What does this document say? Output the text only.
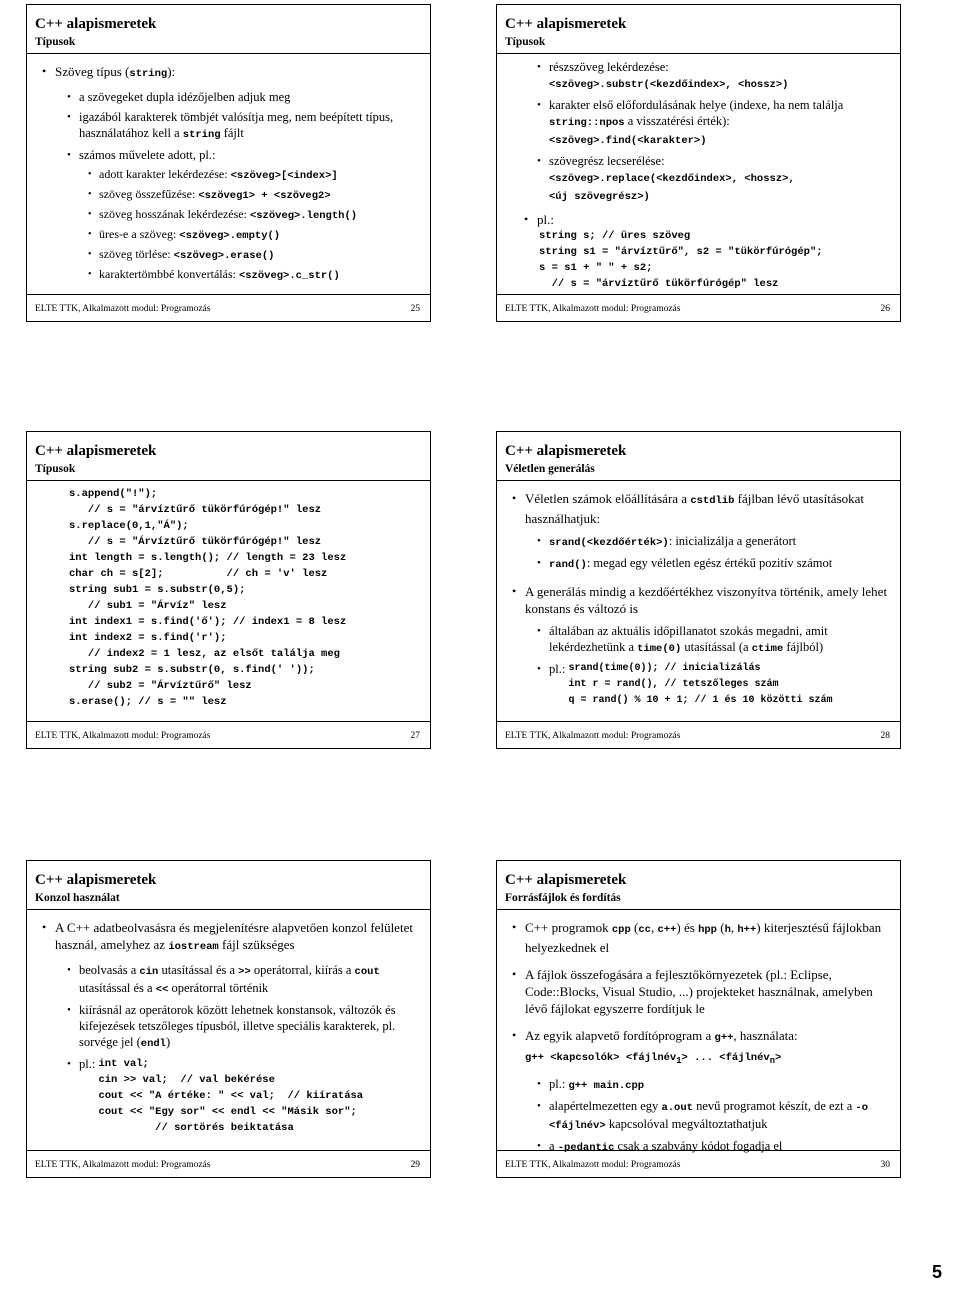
C++ alapismeretek
Típusok
• Szöveg típus (string):
• a szövegeket dupla idézőjelben adjuk meg
• igazából karakterek tömbjét valósítja meg, nem beépített típus, használatához kell a string fájlt
• számos művelete adott, pl.:
• adott karakter lekérdezése: <szöveg>[<index>]
• szöveg összefűzése: <szöveg1> + <szöveg2>
• szöveg hosszának lekérdezése: <szöveg>.length()
• üres-e a szöveg: <szöveg>.empty()
• szöveg törlése: <szöveg>.erase()
• karaktertömbbé konvertálás: <szöveg>.c_str()
ELTE TTK, Alkalmazott modul: Programozás	25
C++ alapismeretek
Típusok
• részszöveg lekérdezése:
<szöveg>.substr(<kezdőindex>, <hossz>)
• karakter első előfordulásának helye (indexe, ha nem találja string::npos a visszatérési érték):
<szöveg>.find(<karakter>)
• szövegrész lecserélése:
<szöveg>.replace(<kezdőindex>, <hossz>,
<új szövegrész>)
• pl.:
string s; // üres szöveg
string s1 = "árvíztűrő", s2 = "tükörfúrógép";
s = s1 + " " + s2;
// s = "árvíztűrő tükörfúrógép" lesz
ELTE TTK, Alkalmazott modul: Programozás	26
C++ alapismeretek
Típusok
s.append("!");
// s = "árvíztűrő tükörfúrógép!" lesz
s.replace(0,1,"Á");
// s = "Árvíztűrő tükörfúrógép!" lesz
int length = s.length(); // length = 23 lesz
char ch = s[2];          // ch = 'v' lesz
string sub1 = s.substr(0,5);
// sub1 = "Árvíz" lesz
int index1 = s.find('ő'); // index1 = 8 lesz
int index2 = s.find('r');
// index2 = 1 lesz, az elsőt találja meg
string sub2 = s.substr(0, s.find(' '));
// sub2 = "Árvíztűrő" lesz
s.erase(); // s = "" lesz
ELTE TTK, Alkalmazott modul: Programozás	27
C++ alapismeretek
Véletlen generálás
• Véletlen számok előállítására a cstdlib fájlban lévő utasításokat használhatjuk:
• srand(<kezdőérték>): inicializálja a generátort
• rand(): megad egy véletlen egész értékű pozitív számot
• A generálás mindig a kezdőértékhez viszonyítva történik, amely lehet konstans és változó is
• általában az aktuális időpillanatot szokás megadni, amit lekérdezhetünk a time(0) utasítással (a ctime fájlból)
• pl.: srand(time(0)); // inicializálás
int r = rand(), // tetszőleges szám
q = rand() % 10 + 1; // 1 és 10 közötti szám
ELTE TTK, Alkalmazott modul: Programozás	28
C++ alapismeretek
Konzol használat
• A C++ adatbeolvasásra és megjelenítésre alapvetően konzol felületet használ, amelyhez az iostream fájl szükséges
• beolvasás a cin utasítással és a >> operátorral, kiírás a cout utasítással és a << operátorral történik
• kiírásnál az operátorok között lehetnek konstansok, változók és kifejezések tetszőleges típusból, illetve speciális karakterek, pl. sorvége jel (endl)
• pl.: int val;
cin >> val;  // val bekérése
cout << "A értéke: " << val;  // kiíratása
cout << "Egy sor" << endl << "Másik sor";
// sortörés beiktatása
ELTE TTK, Alkalmazott modul: Programozás	29
C++ alapismeretek
Forrásfájlok és fordítás
• C++ programok cpp (cc, c++) és hpp (h, h++) kiterjesztésű fájlokban helyezkednek el
• A fájlok összefogására a fejlesztőkörnyezetek (pl.: Eclipse, Code::Blocks, Visual Studio, ...) projekteket használnak, amelyben lévő fájlokat egyszerre fordítjuk le
• Az egyik alapvető fordítóprogram a g++, használata:
g++ <kapcsolók> <fájlnév$_1$> ... <fájlnév$_n$>
• pl.: g++ main.cpp
• alapértelmezetten egy a.out nevű programot készít, de ezt a -o <fájlnév> kapcsolóval megváltoztathatjuk
• a -pedantic csak a szabvány kódot fogadja el
ELTE TTK, Alkalmazott modul: Programozás	30
5
